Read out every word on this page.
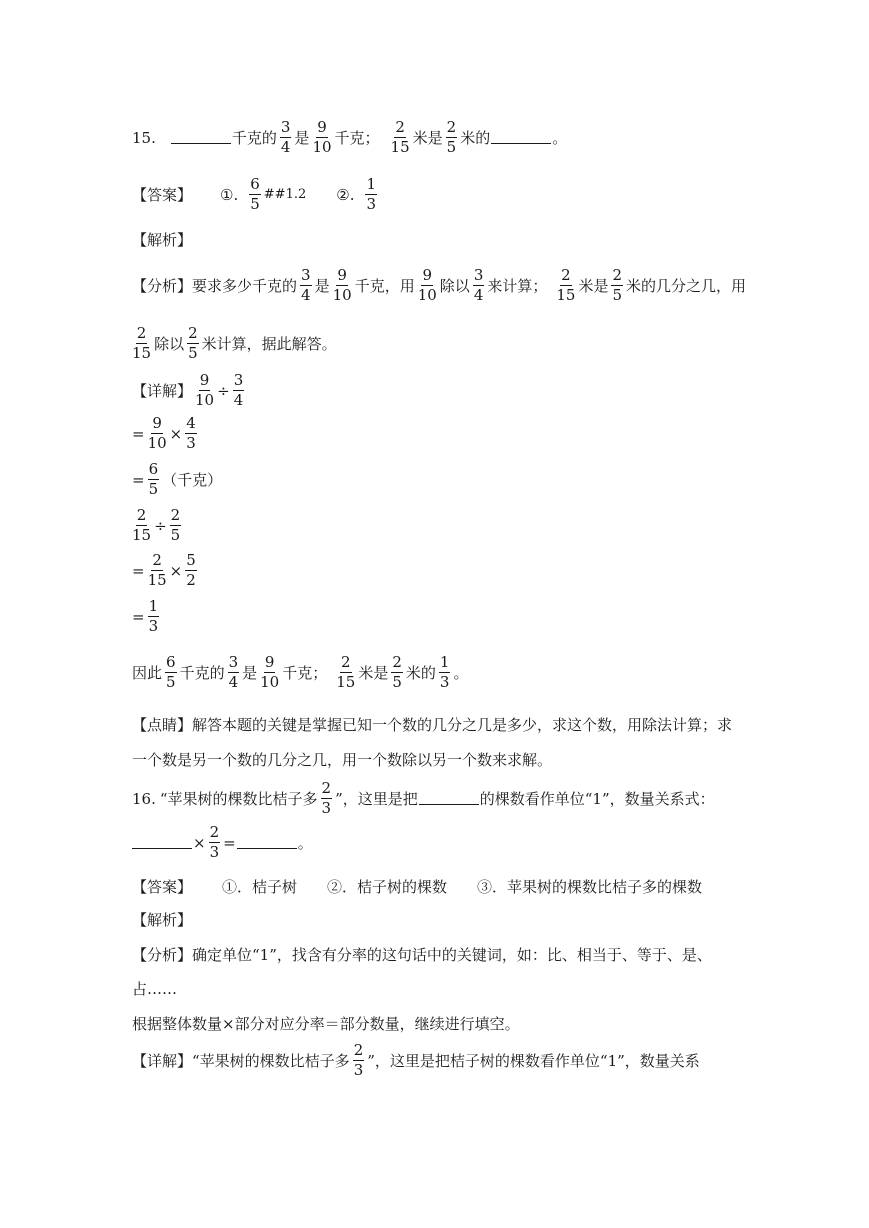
15.	千克的 $\frac{3}{4}$ 是 $\frac{9}{10}$ 千克； $\frac{2}{15}$ 米是 $\frac{2}{5}$ 米的	。
【答案】 ①. $\frac{6}{5}$ ##1.2 ②. $\frac{1}{3}$
【解析】
【分析】 要求多少千克的 $\frac{3}{4}$ 是 $\frac{9}{10}$ 千克，用 $\frac{9}{10}$ 除以 $\frac{3}{4}$ 来计算； $\frac{2}{15}$ 米是 $\frac{2}{5}$ 米的几分之几，用
$\frac{2}{15}$ 除以 $\frac{2}{5}$ 米计算，据此解答。
【详解】 $\frac{9}{10} \div \frac{3}{4}$
= $\frac{9}{10} \times \frac{4}{3}$
= $\frac{6}{5}$ （千克）
$\frac{2}{15} \div \frac{2}{5}$
= $\frac{2}{15} \times \frac{5}{2}$
= $\frac{1}{3}$
因此 $\frac{6}{5}$ 千克的 $\frac{3}{4}$ 是 $\frac{9}{10}$ 千克； $\frac{2}{15}$ 米是 $\frac{2}{5}$ 米的 $\frac{1}{3}$ 。
【点睛】 解答本题的关键是掌握已知一个数的几分之几是多少，求这个数，用除法计算；求
一个数是另一个数的几分之几，用一个数除以另一个数来求解。
16. “苹果树的棵数比桔子多 $\frac{2}{3}$ ”，这里是把	的棵数看作单位“1”，数量关系式：
× $\frac{2}{3}$ =	。
【答案】 ①．桔子树 ②．桔子树的棵数 ③．苹果树的棵数比桔子多的棵数
【解析】
【分析】 确定单位“1”，找含有分率的这句话中的关键词，如：比、相当于、等于、是、
占……
根据整体数量×部分对应分率＝部分数量，继续进行填空。
【详解】 “苹果树的棵数比桔子多 $\frac{2}{3}$ ”，这里是把桔子树的棵数看作单位“1”，数量关系
